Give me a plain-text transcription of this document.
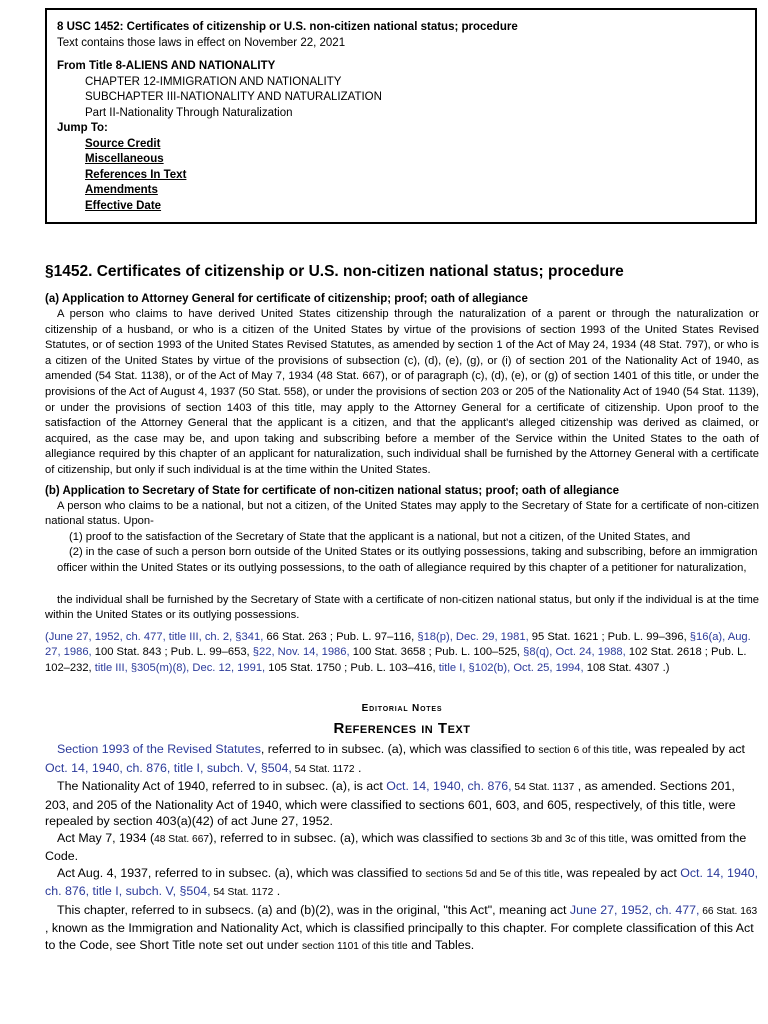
8 USC 1452: Certificates of citizenship or U.S. non-citizen national status; procedure
Text contains those laws in effect on November 22, 2021
From Title 8-ALIENS AND NATIONALITY
CHAPTER 12-IMMIGRATION AND NATIONALITY
SUBCHAPTER III-NATIONALITY AND NATURALIZATION
Part II-Nationality Through Naturalization
Jump To:
Source Credit
Miscellaneous
References In Text
Amendments
Effective Date
§1452. Certificates of citizenship or U.S. non-citizen national status; procedure
(a) Application to Attorney General for certificate of citizenship; proof; oath of allegiance

A person who claims to have derived United States citizenship through the naturalization of a parent or through the naturalization or citizenship of a husband, or who is a citizen of the United States by virtue of the provisions of section 1993 of the United States Revised Statutes, or of section 1993 of the United States Revised Statutes, as amended by section 1 of the Act of May 24, 1934 (48 Stat. 797), or who is a citizen of the United States by virtue of the provisions of subsection (c), (d), (e), (g), or (i) of section 201 of the Nationality Act of 1940, as amended (54 Stat. 1138), or of the Act of May 7, 1934 (48 Stat. 667), or of paragraph (c), (d), (e), or (g) of section 1401 of this title, or under the provisions of the Act of August 4, 1937 (50 Stat. 558), or under the provisions of section 203 or 205 of the Nationality Act of 1940 (54 Stat. 1139), or under the provisions of section 1403 of this title, may apply to the Attorney General for a certificate of citizenship. Upon proof to the satisfaction of the Attorney General that the applicant is a citizen, and that the applicant's alleged citizenship was derived as claimed, or acquired, as the case may be, and upon taking and subscribing before a member of the Service within the United States to the oath of allegiance required by this chapter of an applicant for naturalization, such individual shall be furnished by the Attorney General with a certificate of citizenship, but only if such individual is at the time within the United States.

(b) Application to Secretary of State for certificate of non-citizen national status; proof; oath of allegiance

A person who claims to be a national, but not a citizen, of the United States may apply to the Secretary of State for a certificate of non-citizen national status. Upon-

(1) proof to the satisfaction of the Secretary of State that the applicant is a national, but not a citizen, of the United States, and

(2) in the case of such a person born outside of the United States or its outlying possessions, taking and subscribing, before an immigration officer within the United States or its outlying possessions, to the oath of allegiance required by this chapter of a petitioner for naturalization,

the individual shall be furnished by the Secretary of State with a certificate of non-citizen national status, but only if the individual is at the time within the United States or its outlying possessions.

(June 27, 1952, ch. 477, title III, ch. 2, §341, 66 Stat. 263 ; Pub. L. 97–116, §18(p), Dec. 29, 1981, 95 Stat. 1621 ; Pub. L. 99–396, §16(a), Aug. 27, 1986, 100 Stat. 843 ; Pub. L. 99–653, §22, Nov. 14, 1986, 100 Stat. 3658 ; Pub. L. 100–525, §8(q), Oct. 24, 1988, 102 Stat. 2618 ; Pub. L. 102–232, title III, §305(m)(8), Dec. 12, 1991, 105 Stat. 1750 ; Pub. L. 103–416, title I, §102(b), Oct. 25, 1994, 108 Stat. 4307 .)
Editorial Notes
References in Text

Section 1993 of the Revised Statutes, referred to in subsec. (a), which was classified to section 6 of this title, was repealed by act Oct. 14, 1940, ch. 876, title I, subch. V, §504, 54 Stat. 1172 .

The Nationality Act of 1940, referred to in subsec. (a), is act Oct. 14, 1940, ch. 876, 54 Stat. 1137 , as amended. Sections 201, 203, and 205 of the Nationality Act of 1940, which were classified to sections 601, 603, and 605, respectively, of this title, were repealed by section 403(a)(42) of act June 27, 1952.

Act May 7, 1934 (48 Stat. 667), referred to in subsec. (a), which was classified to sections 3b and 3c of this title, was omitted from the Code.

Act Aug. 4, 1937, referred to in subsec. (a), which was classified to sections 5d and 5e of this title, was repealed by act Oct. 14, 1940, ch. 876, title I, subch. V, §504, 54 Stat. 1172 .

This chapter, referred to in subsecs. (a) and (b)(2), was in the original, "this Act", meaning act June 27, 1952, ch. 477, 66 Stat. 163 , known as the Immigration and Nationality Act, which is classified principally to this chapter. For complete classification of this Act to the Code, see Short Title note set out under section 1101 of this title and Tables.
